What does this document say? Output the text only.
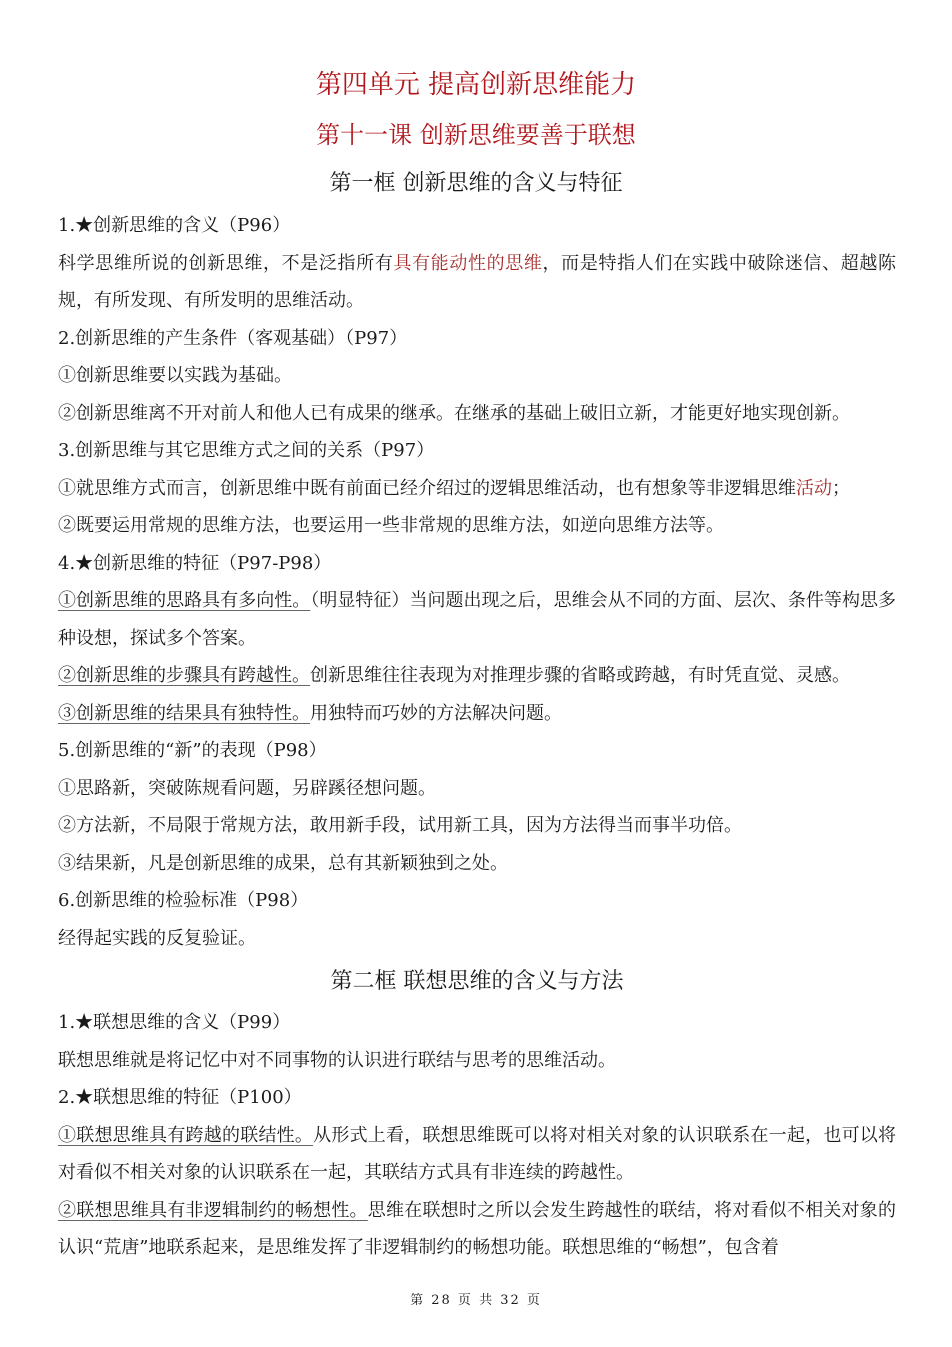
第四单元 提高创新思维能力
第十一课 创新思维要善于联想
1.★创新思维的含义（P96）
科学思维所说的创新思维，不是泛指所有具有能动性的思维，而是特指人们在实践中破除迷信、超越陈规，有所发现、有所发明的思维活动。
2.创新思维的产生条件（客观基础）（P97）
①创新思维要以实践为基础。
②创新思维离不开对前人和他人已有成果的继承。在继承的基础上破旧立新，才能更好地实现创新。
3.创新思维与其它思维方式之间的关系（P97）
①就思维方式而言，创新思维中既有前面已经介绍过的逻辑思维活动，也有想象等非逻辑思维活动；
②既要运用常规的思维方法，也要运用一些非常规的思维方法，如逆向思维方法等。
4.★创新思维的特征（P97-P98）
①创新思维的思路具有多向性。（明显特征）当问题出现之后，思维会从不同的方面、层次、条件等构思多种设想，探试多个答案。
②创新思维的步骤具有跨越性。创新思维往往表现为对推理步骤的省略或跨越，有时凭直觉、灵感。
③创新思维的结果具有独特性。用独特而巧妙的方法解决问题。
5.创新思维的“新”的表现（P98）
①思路新，突破陈规看问题，另辟蹊径想问题。
②方法新，不局限于常规方法，敢用新手段，试用新工具，因为方法得当而事半功倍。
③结果新，凡是创新思维的成果，总有其新颖独到之处。
6.创新思维的检验标准（P98）
经得起实践的反复验证。
第二框 联想思维的含义与方法
1.★联想思维的含义（P99）
联想思维就是将记忆中对不同事物的认识进行联结与思考的思维活动。
2.★联想思维的特征（P100）
①联想思维具有跨越的联结性。从形式上看，联想思维既可以将对相关对象的认识联系在一起，也可以将对看似不相关对象的认识联系在一起，其联结方式具有非连续的跨越性。
②联想思维具有非逻辑制约的畅想性。思维在联想时之所以会发生跨越性的联结，将对看似不相关对象的认识“荒唐”地联系起来，是思维发挥了非逻辑制约的畅想功能。联想思维的“畅想”，包含着
第 28 页 共 32 页
第一框 创新思维的含义与特征
